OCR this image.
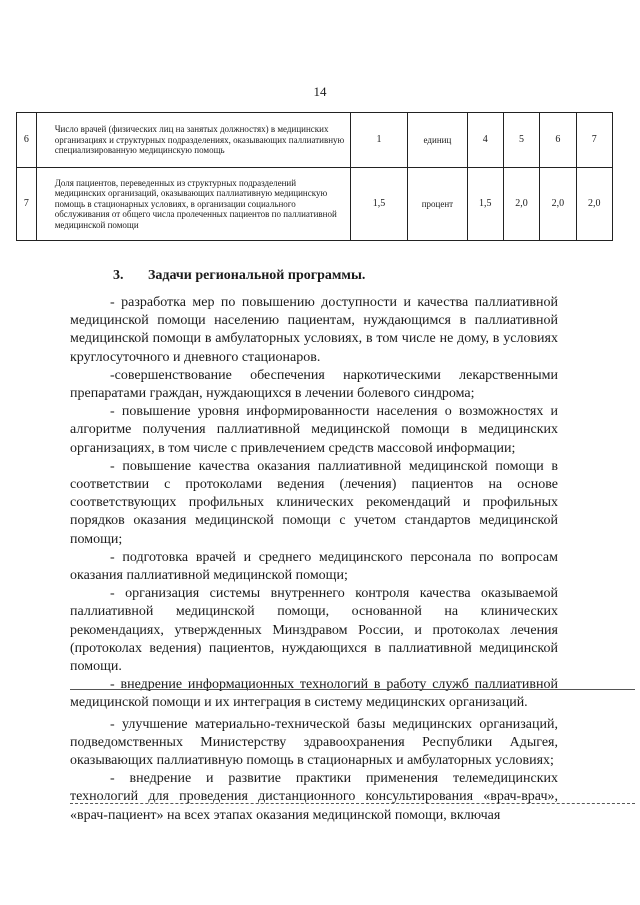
14
6	Число врачей (физических лиц на занятых должностях) в медицинских организациях и структурных подразделениях, оказывающих паллиативную специализированную медицинскую помощь	1	единиц	4	5	6	7
7	Доля пациентов, переведенных из структурных подразделений медицинских организаций, оказывающих паллиативную медицинскую помощь в стационарных условиях, в организации социального обслуживания от общего числа пролеченных пациентов по паллиативной медицинской помощи	1,5	процент	1,5	2,0	2,0	2,0
3. Задачи региональной программы.

- разработка мер по повышению доступности и качества паллиативной медицинской помощи населению пациентам, нуждающимся в паллиативной медицинской помощи в амбулаторных условиях, в том числе не дому, в условиях круглосуточного и дневного стационаров.

-совершенствование обеспечения наркотическими лекарственными препаратами граждан, нуждающихся в лечении болевого синдрома;

- повышение уровня информированности населения о возможностях и алгоритме получения паллиативной медицинской помощи в медицинских организациях, в том числе с привлечением средств массовой информации;

- повышение качества оказания паллиативной медицинской помощи в соответствии с протоколами ведения (лечения) пациентов на основе соответствующих профильных клинических рекомендаций и профильных порядков оказания медицинской помощи с учетом стандартов медицинской помощи;

- подготовка врачей и среднего медицинского персонала по вопросам оказания паллиативной медицинской помощи;

- организация системы внутреннего контроля качества оказываемой паллиативной медицинской помощи, основанной на клинических рекомендациях, утвержденных Минздравом России, и протоколах лечения (протоколах ведения) пациентов, нуждающихся в паллиативной медицинской помощи.

- внедрение информационных технологий в работу служб паллиативной медицинской помощи и их интеграция в систему медицинских организаций.

- улучшение материально-технической базы медицинских организаций, подведомственных Министерству здравоохранения Республики Адыгея, оказывающих паллиативную помощь в стационарных и амбулаторных условиях;

- внедрение и развитие практики применения телемедицинских технологий для проведения дистанционного консультирования «врач-врач», «врач-пациент» на всех этапах оказания медицинской помощи, включая
